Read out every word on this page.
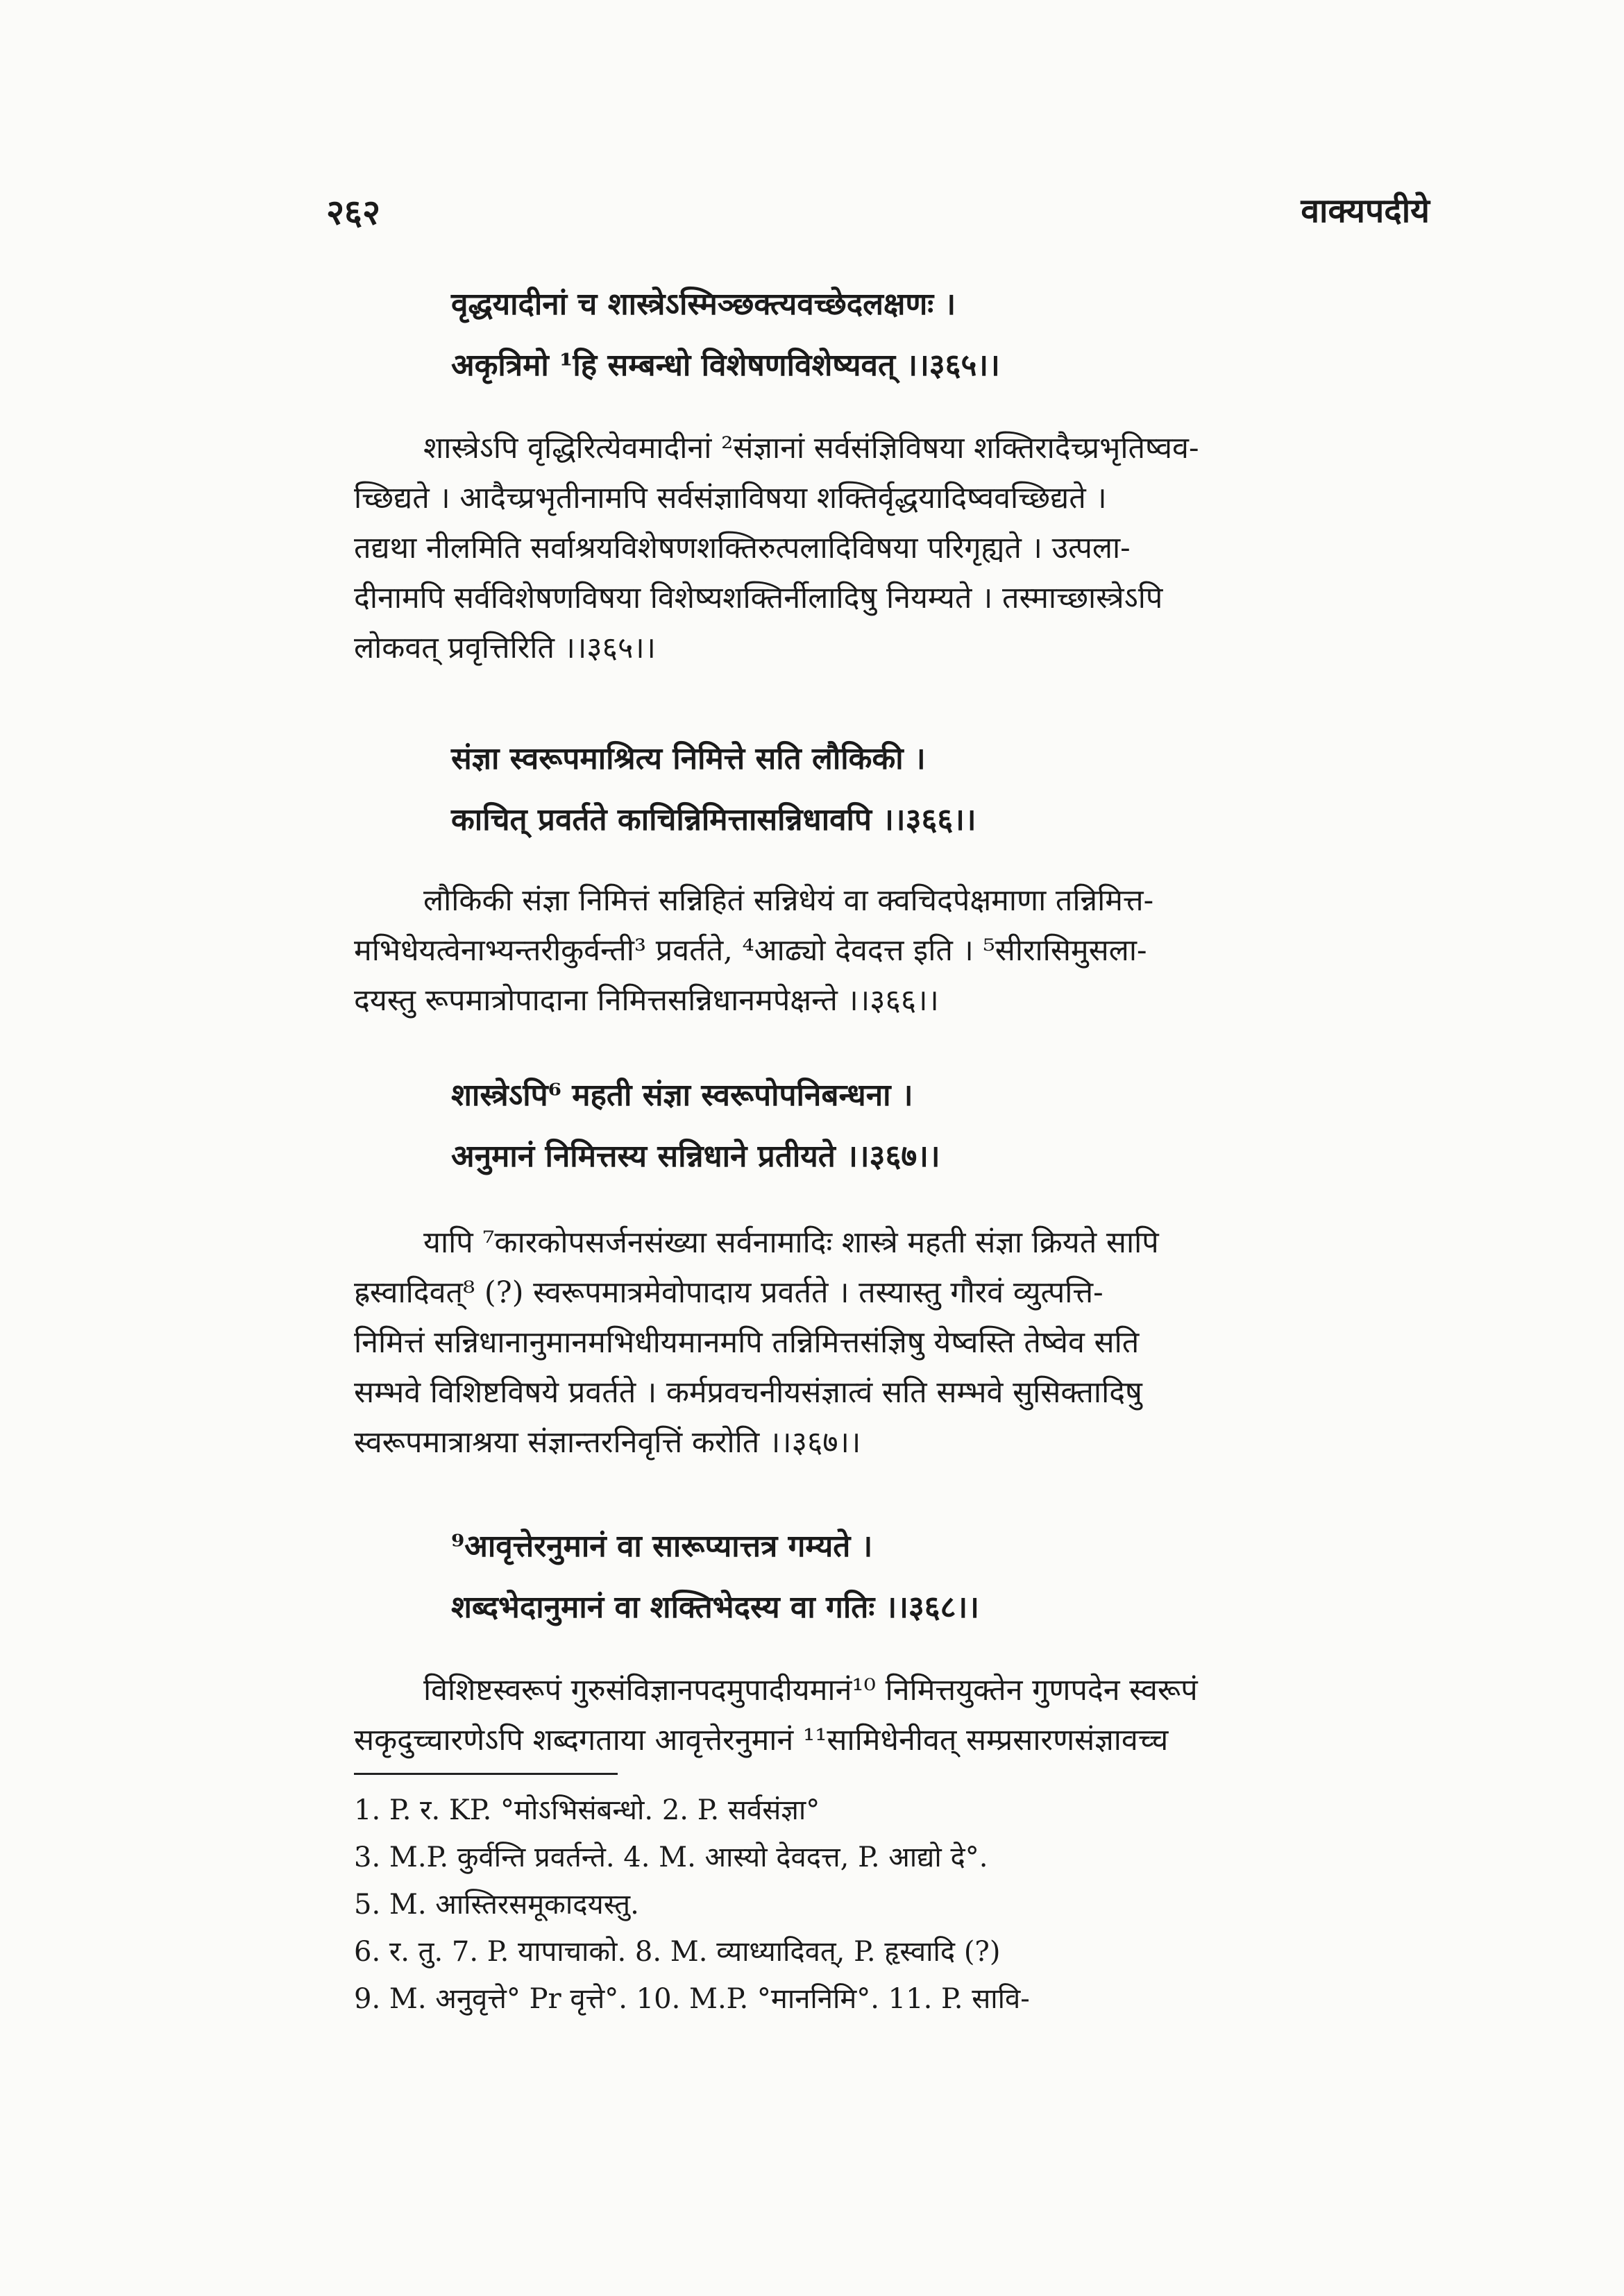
२६२	वाक्यपदीये
वृद्धयादीनां च शास्त्रेऽस्मिञ्छक्त्यवच्छेदलक्षणः ।
अकृत्रिमो ¹हि सम्बन्धो विशेषणविशेष्यवत् ।।३६५।।
शास्त्रेऽपि वृद्धिरित्येवमादीनां ²संज्ञानां सर्वसंज्ञिविषया शक्तिरादैच्प्रभृतिष्वव-
च्छिद्यते । आदैच्प्रभृतीनामपि सर्वसंज्ञाविषया शक्तिर्वृद्धयादिष्ववच्छिद्यते ।
तद्यथा नीलमिति सर्वाश्रयविशेषणशक्तिरुत्पलादिविषया परिगृह्यते । उत्पला-
दीनामपि सर्वविशेषणविषया विशेष्यशक्तिर्नीलादिषु नियम्यते । तस्माच्छास्त्रेऽपि
लोकवत् प्रवृत्तिरिति ।।३६५।।
संज्ञा स्वरूपमाश्रित्य निमित्ते सति लौकिकी ।
काचित् प्रवर्तते काचिन्निमित्तासन्निधावपि ।।३६६।।
लौकिकी संज्ञा निमित्तं सन्निहितं सन्निधेयं वा क्वचिदपेक्षमाणा तन्निमित्त-
मभिधेयत्वेनाभ्यन्तरीकुर्वन्ती³ प्रवर्तते, ⁴आढ्यो देवदत्त इति । ⁵सीरासिमुसला-
दयस्तु रूपमात्रोपादाना निमित्तसन्निधानमपेक्षन्ते ।।३६६।।
शास्त्रेऽपि⁶ महती संज्ञा स्वरूपोपनिबन्धना ।
अनुमानं निमित्तस्य सन्निधाने प्रतीयते ।।३६७।।
यापि ⁷कारकोपसर्जनसंख्या सर्वनामादिः शास्त्रे महती संज्ञा क्रियते सापि
ह्रस्वादिवत्⁸ (?) स्वरूपमात्रमेवोपादाय प्रवर्तते । तस्यास्तु गौरवं व्युत्पत्ति-
निमित्तं सन्निधानानुमानमभिधीयमानमपि तन्निमित्तसंज्ञिषु येष्वस्ति तेष्वेव सति
सम्भवे विशिष्टविषये प्रवर्तते । कर्मप्रवचनीयसंज्ञात्वं सति सम्भवे सुसिक्तादिषु
स्वरूपमात्राश्रया संज्ञान्तरनिवृत्तिं करोति ।।३६७।।
⁹आवृत्तेरनुमानं वा सारूप्यात्तत्र गम्यते ।
शब्दभेदानुमानं वा शक्तिभेदस्य वा गतिः ।।३६८।।
विशिष्टस्वरूपं गुरुसंविज्ञानपदमुपादीयमानं¹⁰ निमित्तयुक्तेन गुणपदेन स्वरूपं
सकृदुच्चारणेऽपि शब्दगताया आवृत्तेरनुमानं ¹¹सामिधेनीवत् सम्प्रसारणसंज्ञावच्च
1. P. र. KP. °मोऽभिसंबन्धो. 2. P. सर्वसंज्ञा°
3. M.P. कुर्वन्ति प्रवर्तन्ते. 4. M. आस्यो देवदत्त, P. आद्यो दे°.
5. M. आस्तिरसमूकादयस्तु.
6. र. तु. 7. P. यापाचाको. 8. M. व्याध्यादिवत्, P. हृस्वादि (?)
9. M. अनुवृत्ते° Pr वृत्ते°. 10. M.P. °माननिमि°. 11. P. सावि-
